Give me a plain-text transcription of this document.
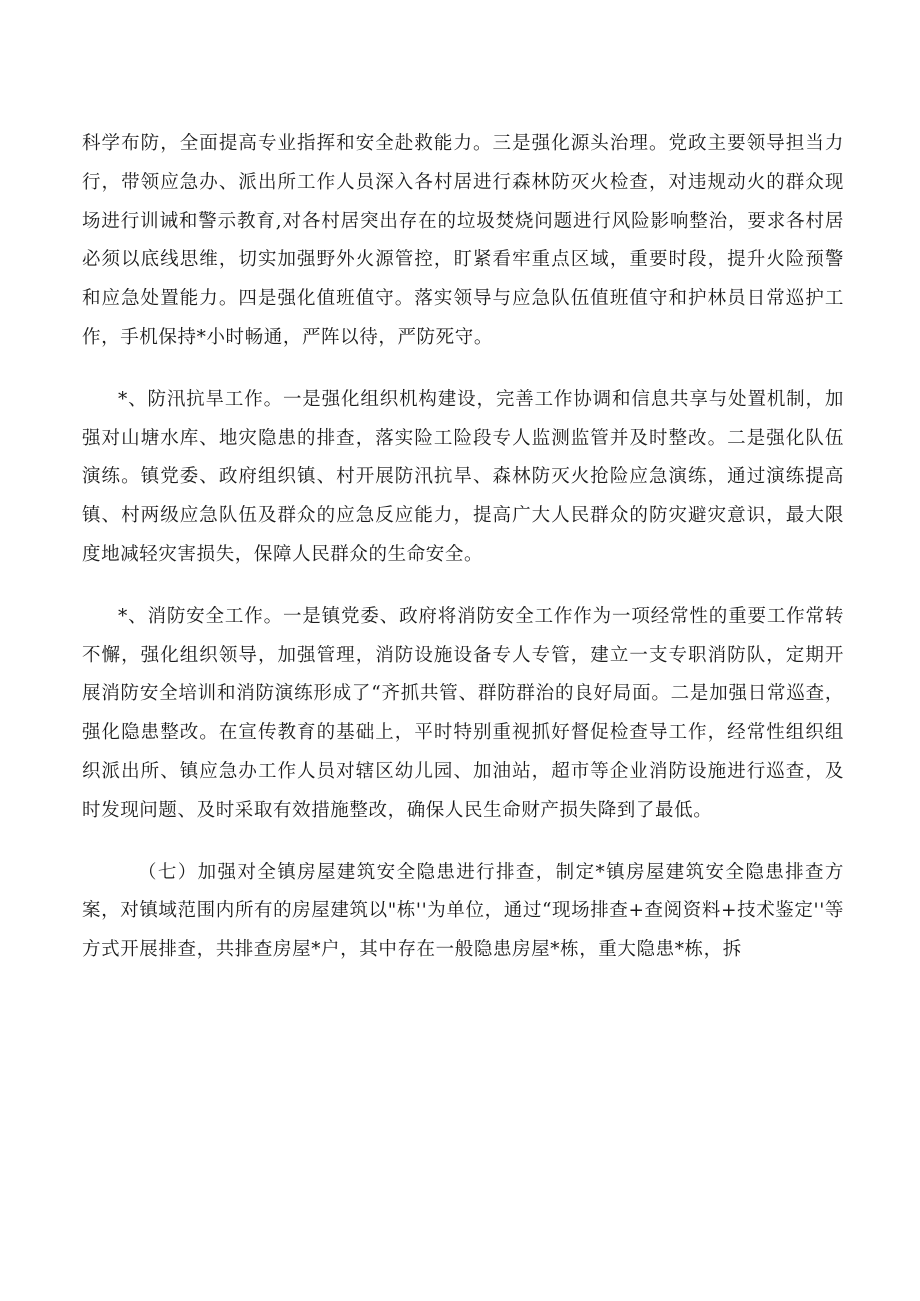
科学布防，全面提高专业指挥和安全赴救能力。三是强化源头治理。党政主要领导担当力行，带领应急办、派出所工作人员深入各村居进行森林防灭火检查，对违规动火的群众现场进行训诫和警示教育,对各村居突出存在的垃圾焚烧问题进行风险影响整治，要求各村居必须以底线思维，切实加强野外火源管控，盯紧看牢重点区域，重要时段，提升火险预警和应急处置能力。四是强化值班值守。落实领导与应急队伍值班值守和护林员日常巡护工作，手机保持*小时畅通，严阵以待，严防死守。

*、防汛抗旱工作。一是强化组织机构建设，完善工作协调和信息共享与处置机制，加强对山塘水库、地灾隐患的排查，落实险工险段专人监测监管并及时整改。二是强化队伍演练。镇党委、政府组织镇、村开展防汛抗旱、森林防灭火抢险应急演练，通过演练提高镇、村两级应急队伍及群众的应急反应能力，提高广大人民群众的防灾避灾意识，最大限度地减轻灾害损失，保障人民群众的生命安全。

*、消防安全工作。一是镇党委、政府将消防安全工作作为一项经常性的重要工作常转不懈，强化组织领导，加强管理，消防设施设备专人专管，建立一支专职消防队，定期开展消防安全培训和消防演练形成了“齐抓共管、群防群治的良好局面。二是加强日常巡查，强化隐患整改。在宣传教育的基础上，平时特别重视抓好督促检查导工作，经常性组织组织派出所、镇应急办工作人员对辖区幼儿园、加油站，超市等企业消防设施进行巡查，及时发现问题、及时采取有效措施整改，确保人民生命财产损失降到了最低。

（七）加强对全镇房屋建筑安全隐患进行排查，制定*镇房屋建筑安全隐患排查方案，对镇域范围内所有的房屋建筑以"栋''为单位，通过“现场排查+查阅资料+技术鉴定''等方式开展排查，共排查房屋*户，其中存在一般隐患房屋*栋，重大隐患*栋，拆
